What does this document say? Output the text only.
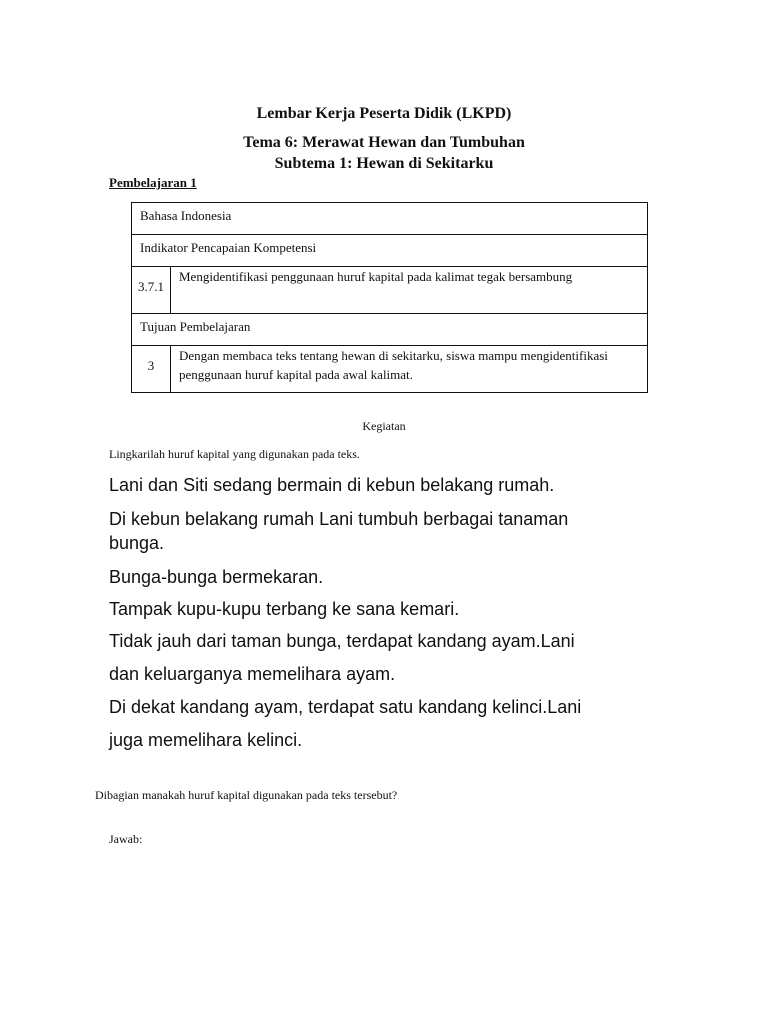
Lembar Kerja Peserta Didik (LKPD)
Tema 6: Merawat Hewan dan Tumbuhan
Subtema 1: Hewan di Sekitarku
Pembelajaran 1
Bahasa Indonesia	
Indikator Pencapaian Kompetensi	
3.7.1	Mengidentifikasi penggunaan huruf kapital pada kalimat tegak bersambung
Tujuan Pembelajaran	
3	Dengan membaca teks tentang hewan di sekitarku, siswa mampu mengidentifikasi penggunaan huruf kapital pada awal kalimat.
Kegiatan
Lingkarilah huruf kapital yang digunakan pada teks.
Lani dan Siti sedang bermain di kebun belakang rumah.
Di kebun belakang rumah Lani tumbuh berbagai tanaman
bunga.
Bunga-bunga bermekaran.
Tampak kupu-kupu terbang ke sana kemari.
Tidak jauh dari taman bunga, terdapat kandang ayam.Lani
dan keluarganya memelihara ayam.
Di dekat kandang ayam, terdapat satu kandang kelinci.Lani
juga memelihara kelinci.
Dibagian manakah huruf kapital digunakan pada teks tersebut?
Jawab:
